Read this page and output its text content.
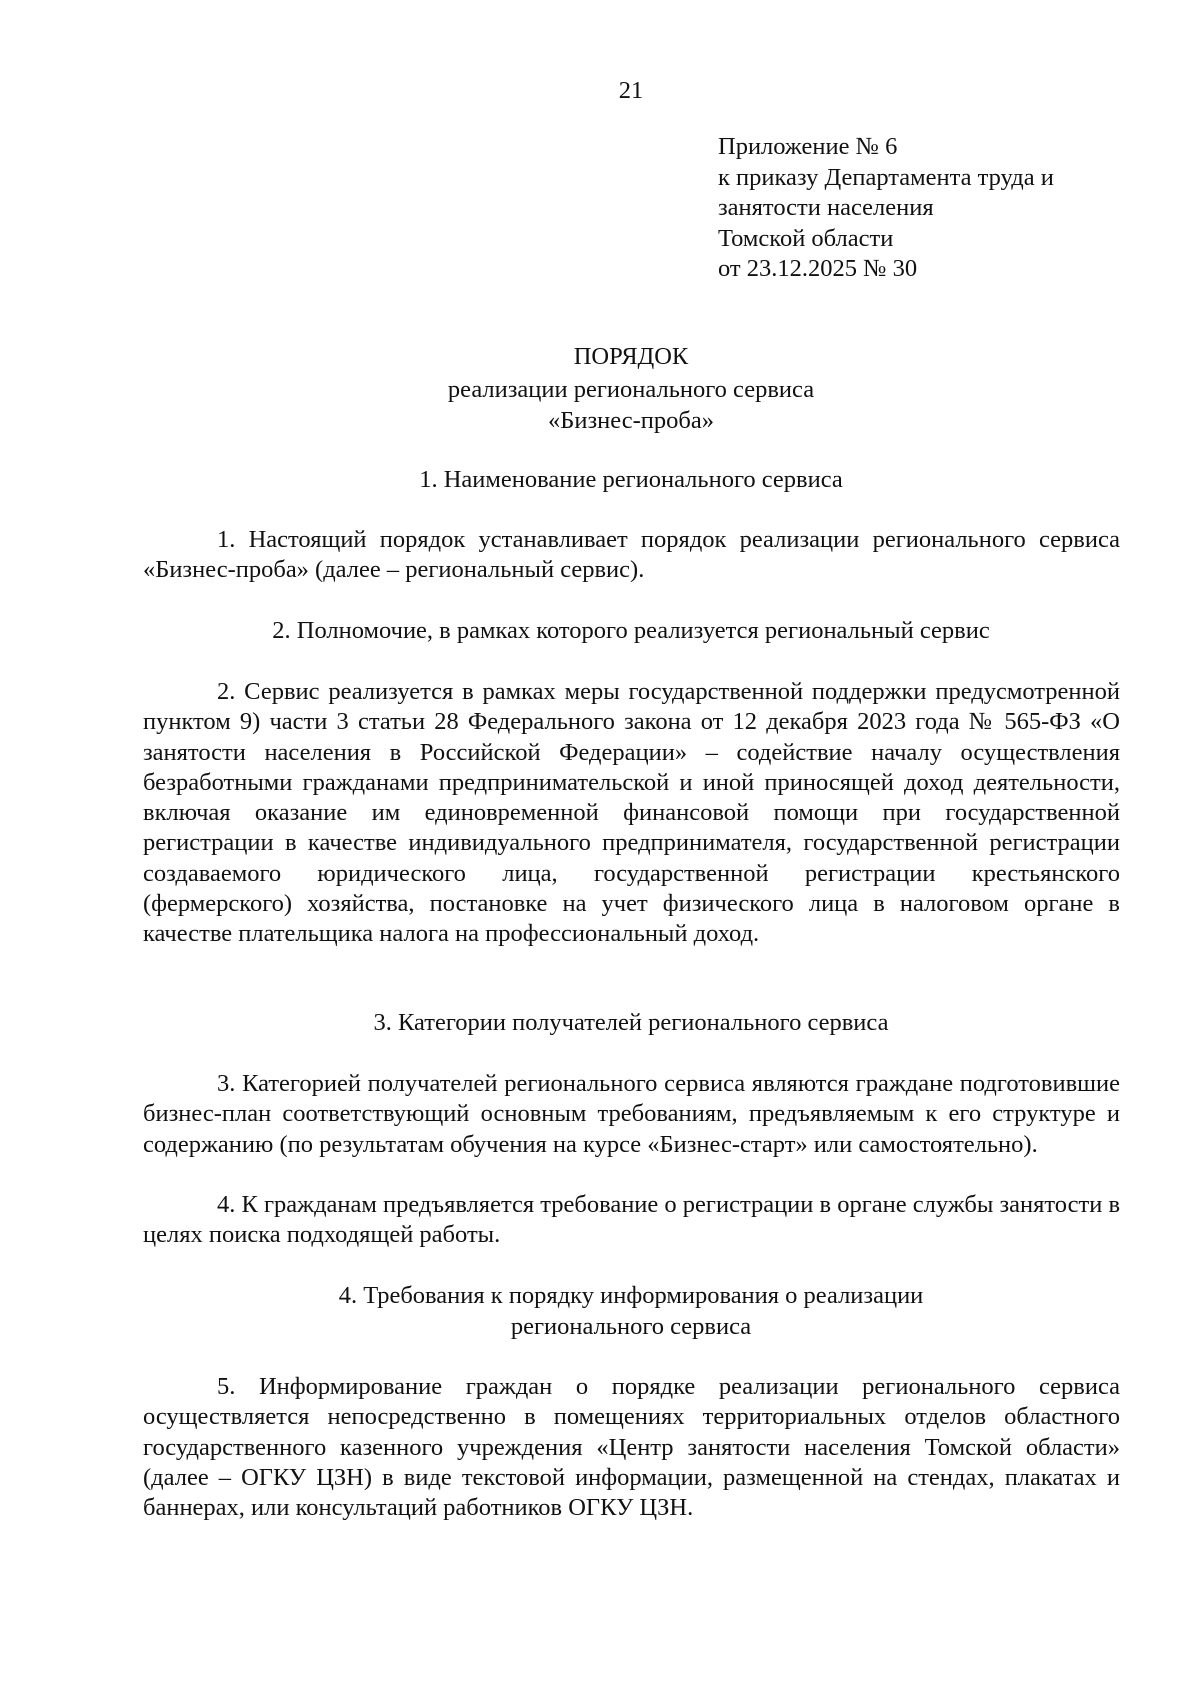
21
Приложение № 6
к приказу Департамента труда и
занятости населения
Томской области
от 23.12.2025 № 30
ПОРЯДОК
реализации регионального сервиса
«Бизнес-проба»
1. Наименование регионального сервиса

1. Настоящий порядок устанавливает порядок реализации регионального сервиса «Бизнес-проба» (далее – региональный сервис).

2. Полномочие, в рамках которого реализуется региональный сервис

2. Сервис реализуется в рамках меры государственной поддержки предусмотренной пунктом 9) части 3 статьи 28 Федерального закона от 12 декабря 2023 года № 565-ФЗ «О занятости населения в Российской Федерации» – содействие началу осуществления безработными гражданами предпринимательской и иной приносящей доход деятельности, включая оказание им единовременной финансовой помощи при государственной регистрации в качестве индивидуального предпринимателя, государственной регистрации создаваемого юридического лица, государственной регистрации крестьянского (фермерского) хозяйства, постановке на учет физического лица в налоговом органе в качестве плательщика налога на профессиональный доход.

3. Категории получателей регионального сервиса

3. Категорией получателей регионального сервиса являются граждане подготовившие бизнес-план соответствующий основным требованиям, предъявляемым к его структуре и содержанию (по результатам обучения на курсе «Бизнес-старт» или самостоятельно).

4. К гражданам предъявляется требование о регистрации в органе службы занятости в целях поиска подходящей работы.

4. Требования к порядку информирования о реализации
регионального сервиса

5. Информирование граждан о порядке реализации регионального сервиса осуществляется непосредственно в помещениях территориальных отделов областного государственного казенного учреждения «Центр занятости населения Томской области» (далее – ОГКУ ЦЗН) в виде текстовой информации, размещенной на стендах, плакатах и баннерах, или консультаций работников ОГКУ ЦЗН.
